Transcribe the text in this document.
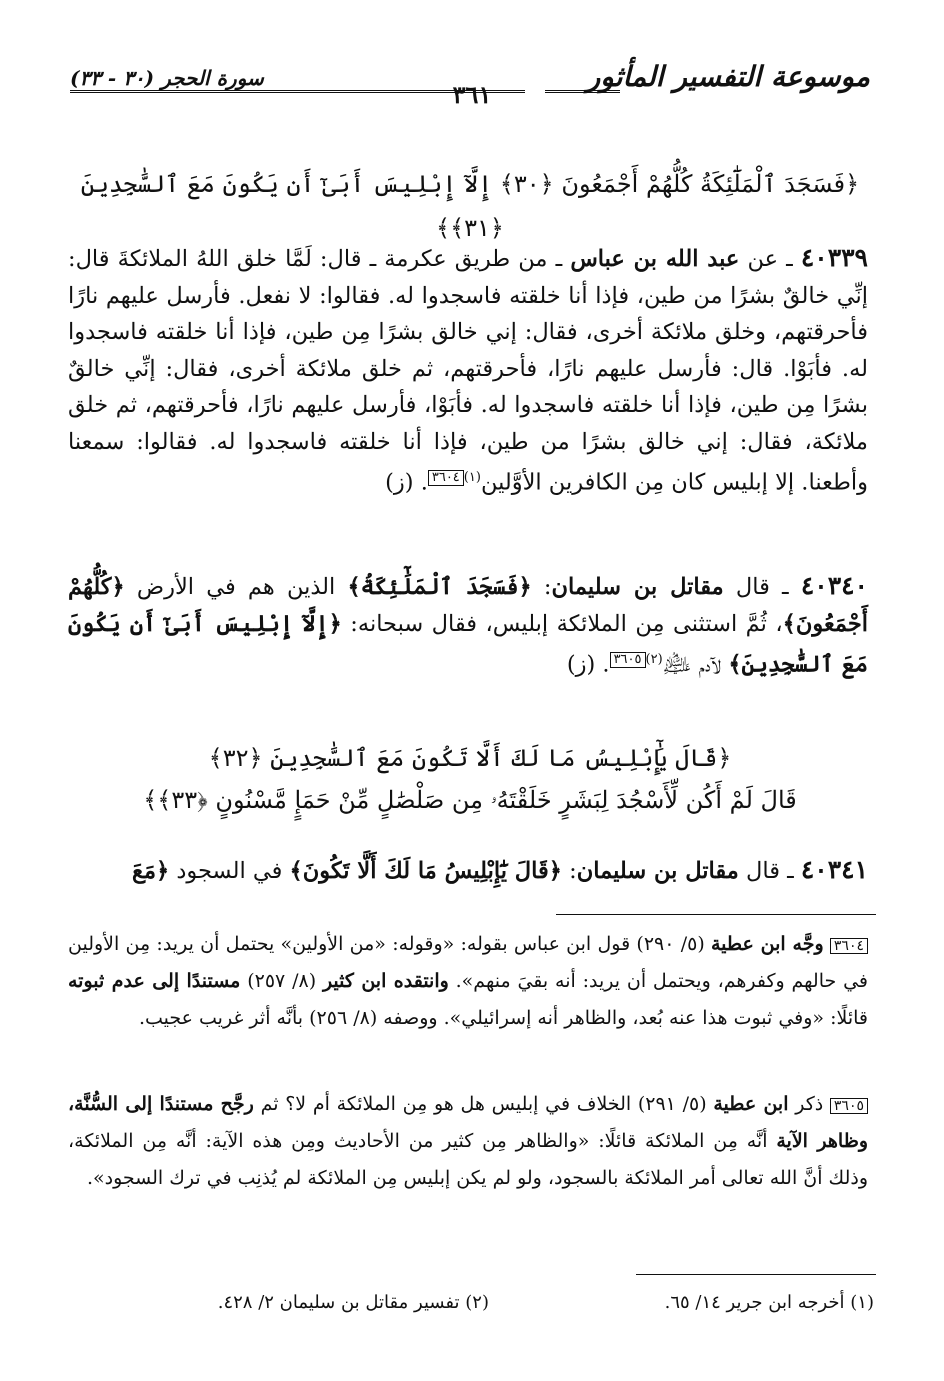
موسوعة التفسير المأثور
٣٦١
سورة الحجر (٣٠ - ٣٣)
﴿فَسَجَدَ ٱلْمَلَٰٓئِكَةُ كُلُّهُمْ أَجْمَعُونَ ﴿٣٠﴾ إِلَّآ إِبْلِيسَ أَبَىٰٓ أَن يَكُونَ مَعَ ٱلسَّٰجِدِينَ ﴿٣١﴾﴾
٤٠٣٣٩ ـ عن عبد الله بن عباس ـ من طريق عكرمة ـ قال: لَمَّا خلق اللهُ الملائكةَ قال: إنِّي خالقٌ بشرًا من طين، فإذا أنا خلقته فاسجدوا له. فقالوا: لا نفعل. فأرسل عليهم نارًا فأحرقتهم، وخلق ملائكة أخرى، فقال: إني خالق بشرًا مِن طين، فإذا أنا خلقته فاسجدوا له. فأبَوْا. قال: فأرسل عليهم نارًا، فأحرقتهم، ثم خلق ملائكة أخرى، فقال: إنِّي خالقٌ بشرًا مِن طين، فإذا أنا خلقته فاسجدوا له. فأبَوْا، فأرسل عليهم نارًا، فأحرقتهم، ثم خلق ملائكة، فقال: إني خالق بشرًا من طين، فإذا أنا خلقته فاسجدوا له. فقالوا: سمعنا وأطعنا. إلا إبليس كان مِن الكافرين الأوَّلين$^{(١)}$٣٦٠٤. (ز)
٤٠٣٤٠ ـ قال مقاتل بن سليمان: ﴿فَسَجَدَ ٱلْمَلَٰٓئِكَةُ﴾ الذين هم في الأرض ﴿كُلُّهُمْ أَجْمَعُونَ﴾، ثُمَّ استثنى مِن الملائكة إبليس، فقال سبحانه: ﴿إِلَّآ إِبْلِيسَ أَبَىٰٓ أَن يَكُونَ مَعَ ٱلسَّٰجِدِينَ﴾ لآدم ﵇$^{(٢)}$٣٦٠٥. (ز)
﴿قَالَ يَٰٓإِبْلِيسُ مَا لَكَ أَلَّا تَكُونَ مَعَ ٱلسَّٰجِدِينَ ﴿٣٢﴾
قَالَ لَمْ أَكُن لِّأَسْجُدَ لِبَشَرٍ خَلَقْتَهُۥ مِن صَلْصَٰلٍ مِّنْ حَمَإٍ مَّسْنُونٍ ﴿٣٣﴾﴾
٤٠٣٤١ ـ قال مقاتل بن سليمان: ﴿قَالَ يَٰٓإِبْلِيسُ مَا لَكَ أَلَّا تَكُونَ﴾ في السجود ﴿مَعَ
٣٦٠٤ وجَّه ابن عطية (٥/ ٢٩٠) قول ابن عباس بقوله: «وقوله: «من الأولين» يحتمل أن يريد: مِن الأولين في حالهم وكفرهم، ويحتمل أن يريد: أنه بقيَ منهم». وانتقده ابن كثير (٨/ ٢٥٧) مستندًا إلى عدم ثبوته قائلًا: «وفي ثبوت هذا عنه بُعد، والظاهر أنه إسرائيلي». ووصفه (٨/ ٢٥٦) بأنَّه أثر غريب عجيب.
٣٦٠٥ ذكر ابن عطية (٥/ ٢٩١) الخلاف في إبليس هل هو مِن الملائكة أم لا؟ ثم رجَّح مستندًا إلى السُّنَّة، وظاهر الآية أنَّه مِن الملائكة قائلًا: «والظاهر مِن كثير من الأحاديث ومِن هذه الآية: أنَّه مِن الملائكة، وذلك أنَّ الله تعالى أمر الملائكة بالسجود، ولو لم يكن إبليس مِن الملائكة لم يُذنِب في ترك السجود».
(١) أخرجه ابن جرير ١٤/ ٦٥.
(٢) تفسير مقاتل بن سليمان ٢/ ٤٢٨.
